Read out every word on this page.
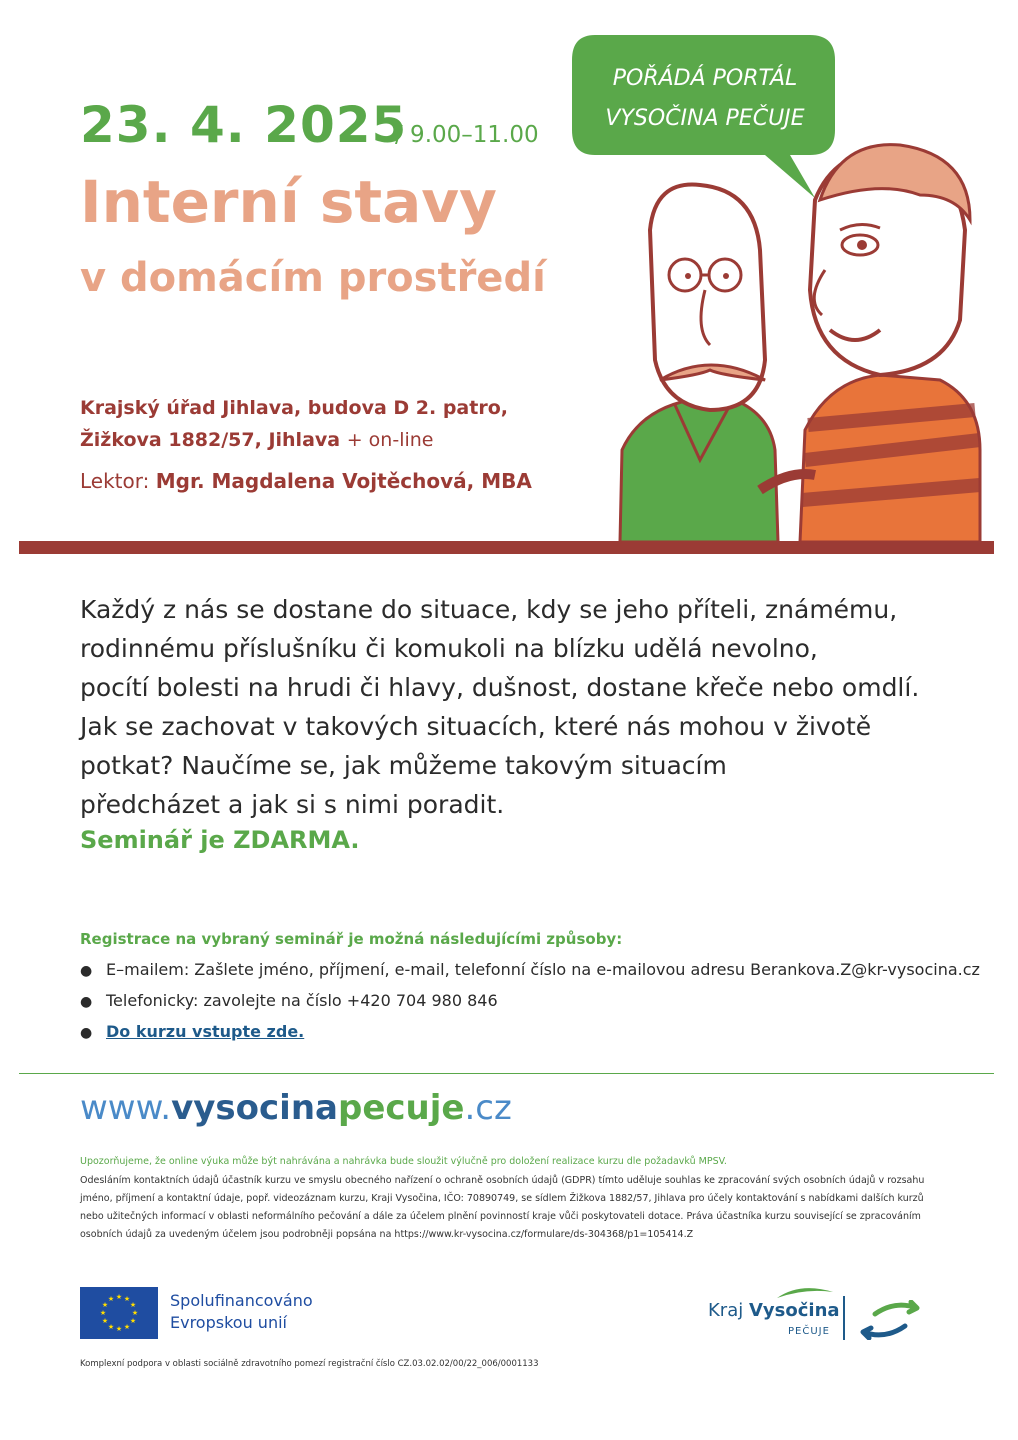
23. 4. 2025
/ 9.00–11.00
Interní stavy
v domácím prostředí
POŘÁDÁ PORTÁL
VYSOČINA PEČUJE
Krajský úřad Jihlava, budova D 2. patro,
Žižkova 1882/57, Jihlava + on-line
Lektor: Mgr. Magdalena Vojtěchová, MBA

Každý z nás se dostane do situace, kdy se jeho příteli, známému,

rodinnému příslušníku či komukoli na blízku udělá nevolno,

pocítí bolesti na hrudi či hlavy, dušnost, dostane křeče nebo omdlí.

Jak se zachovat v takových situacích, které nás mohou v životě

potkat? Naučíme se, jak můžeme takovým situacím

předcházet a jak si s nimi poradit.

Seminář je ZDARMA.
Registrace na vybraný seminář je možná následujícími způsoby:
● E–mailem: Zašlete jméno, příjmení, e-mail, telefonní číslo na e-mailovou adresu Berankova.Z@kr-vysocina.cz
● Telefonicky: zavolejte na číslo +420 704 980 846
● Do kurzu vstupte zde.
www.vysocinapecuje.cz
Upozorňujeme, že online výuka může být nahrávána a nahrávka bude sloužit výlučně pro doložení realizace kurzu dle požadavků MPSV.

Odesláním kontaktních údajů účastník kurzu ve smyslu obecného nařízení o ochraně osobních údajů (GDPR) tímto uděluje souhlas ke zpracování svých osobních údajů v rozsahu

jméno, příjmení a kontaktní údaje, popř. videozáznam kurzu, Kraji Vysočina, IČO: 70890749, se sídlem Žižkova 1882/57, Jihlava pro účely kontaktování s nabídkami dalších kurzů

nebo užitečných informací v oblasti neformálního pečování a dále za účelem plnění povinností kraje vůči poskytovateli dotace. Práva účastníka kurzu související se zpracováním

osobních údajů za uvedeným účelem jsou podrobněji popsána na https://www.kr-vysocina.cz/formulare/ds-304368/p1=105414.Z

★ ★
★
★
★
★
★
★
★
★
★
★	Spolufinancováno
Evropskou unií
Kraj Vysočina
PEČUJE
Komplexní podpora v oblasti sociálně zdravotního pomezí registrační číslo CZ.03.02.02/00/22_006/0001133
